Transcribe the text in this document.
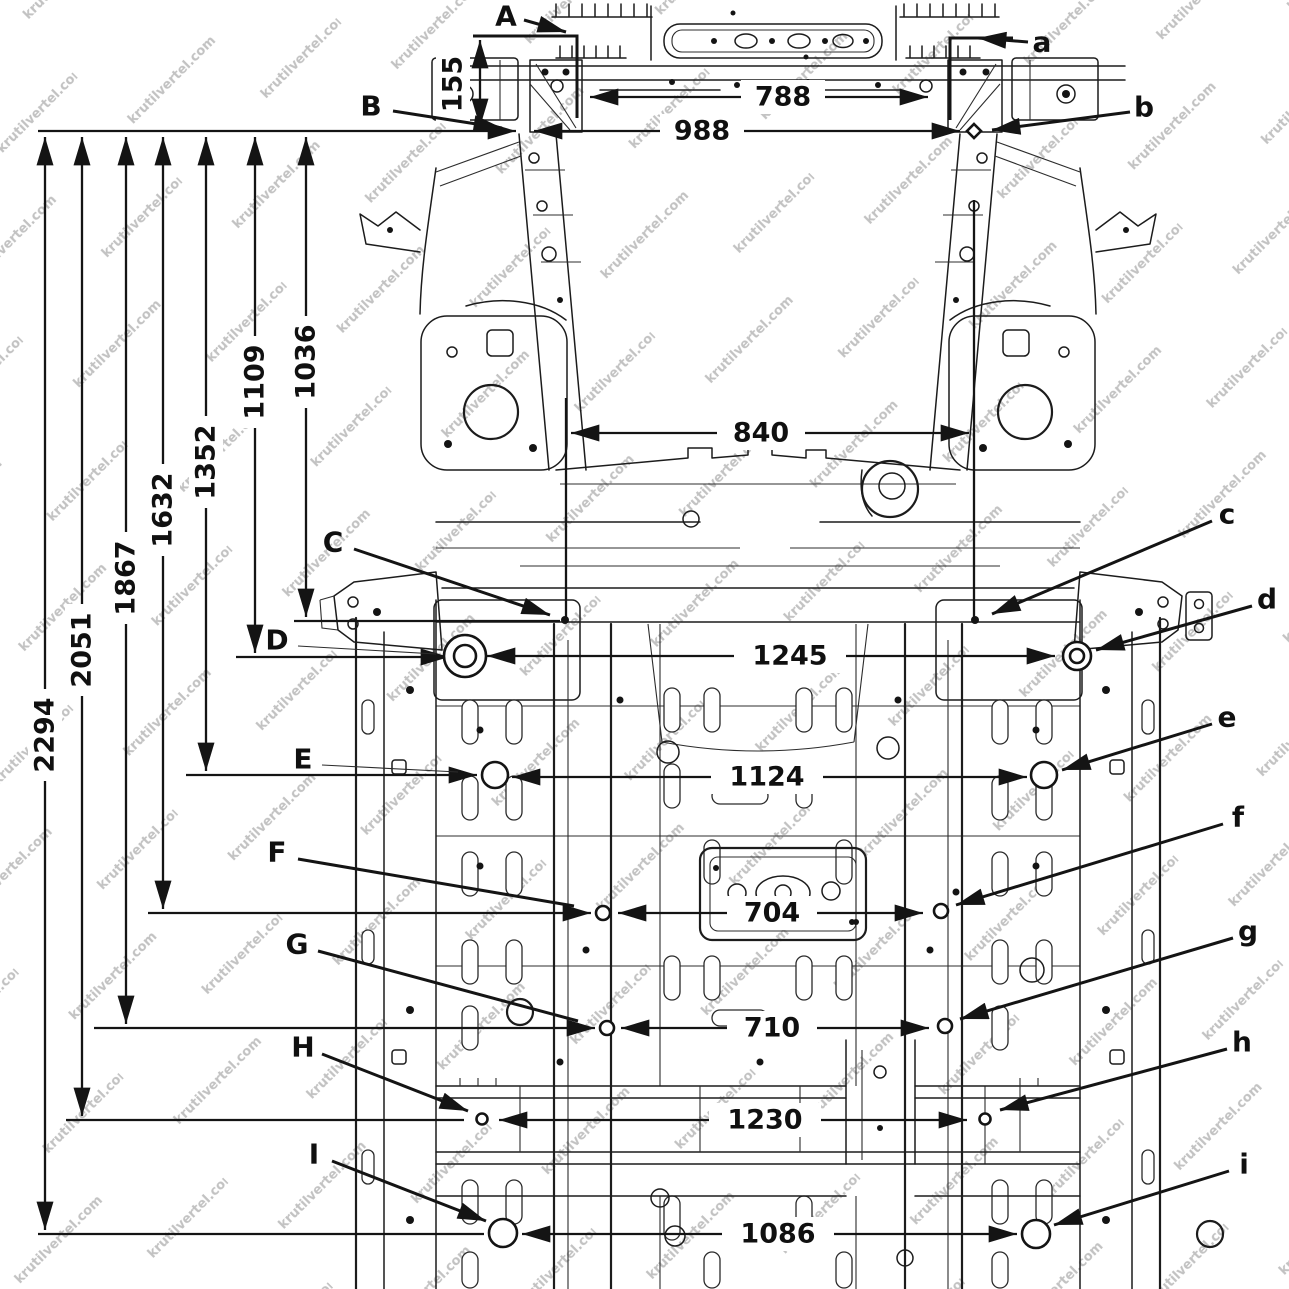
2294
2051
1867
1632
1352
1109 1036
155	788
988
A
a
B	b
840
C
c
D	1245
d
E
1124
e
F
704
f
G
710
g
H
1230
h
I
1086
i
